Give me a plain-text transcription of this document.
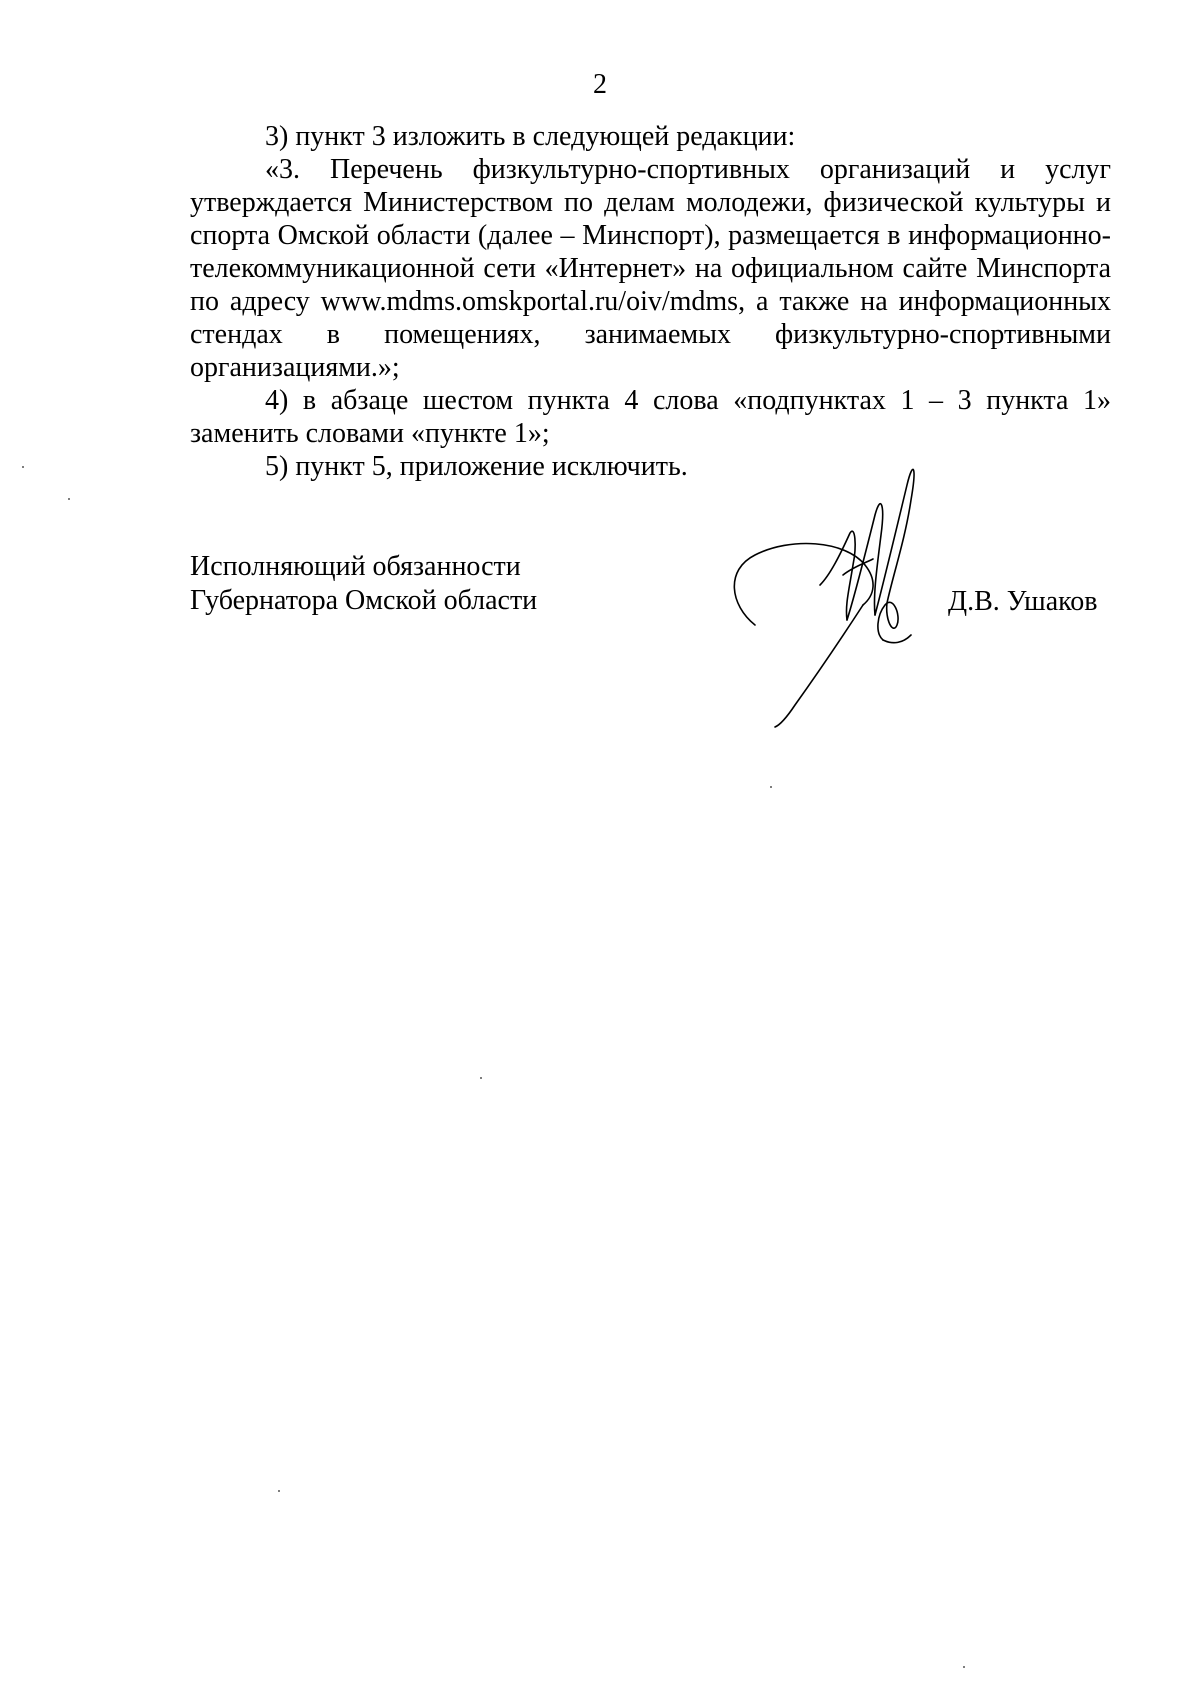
2

3) пункт 3 изложить в следующей редакции:

«3. Перечень физкультурно-спортивных организаций и услуг утверждается Министерством по делам молодежи, физической культуры и спорта Омской области (далее – Минспорт), размещается в информационно-телекоммуникационной сети «Интернет» на официальном сайте Минспорта по адресу www.mdms.omskportal.ru/oiv/mdms, а также на информационных стендах в помещениях, занимаемых физкультурно-спортивными организациями.»;

4) в абзаце шестом пункта 4 слова «подпунктах 1 – 3 пункта 1» заменить словами «пункте 1»;

5) пункт 5, приложение исключить.

Исполняющий обязанности
Губернатора Омской области	Д.В. Ушаков
